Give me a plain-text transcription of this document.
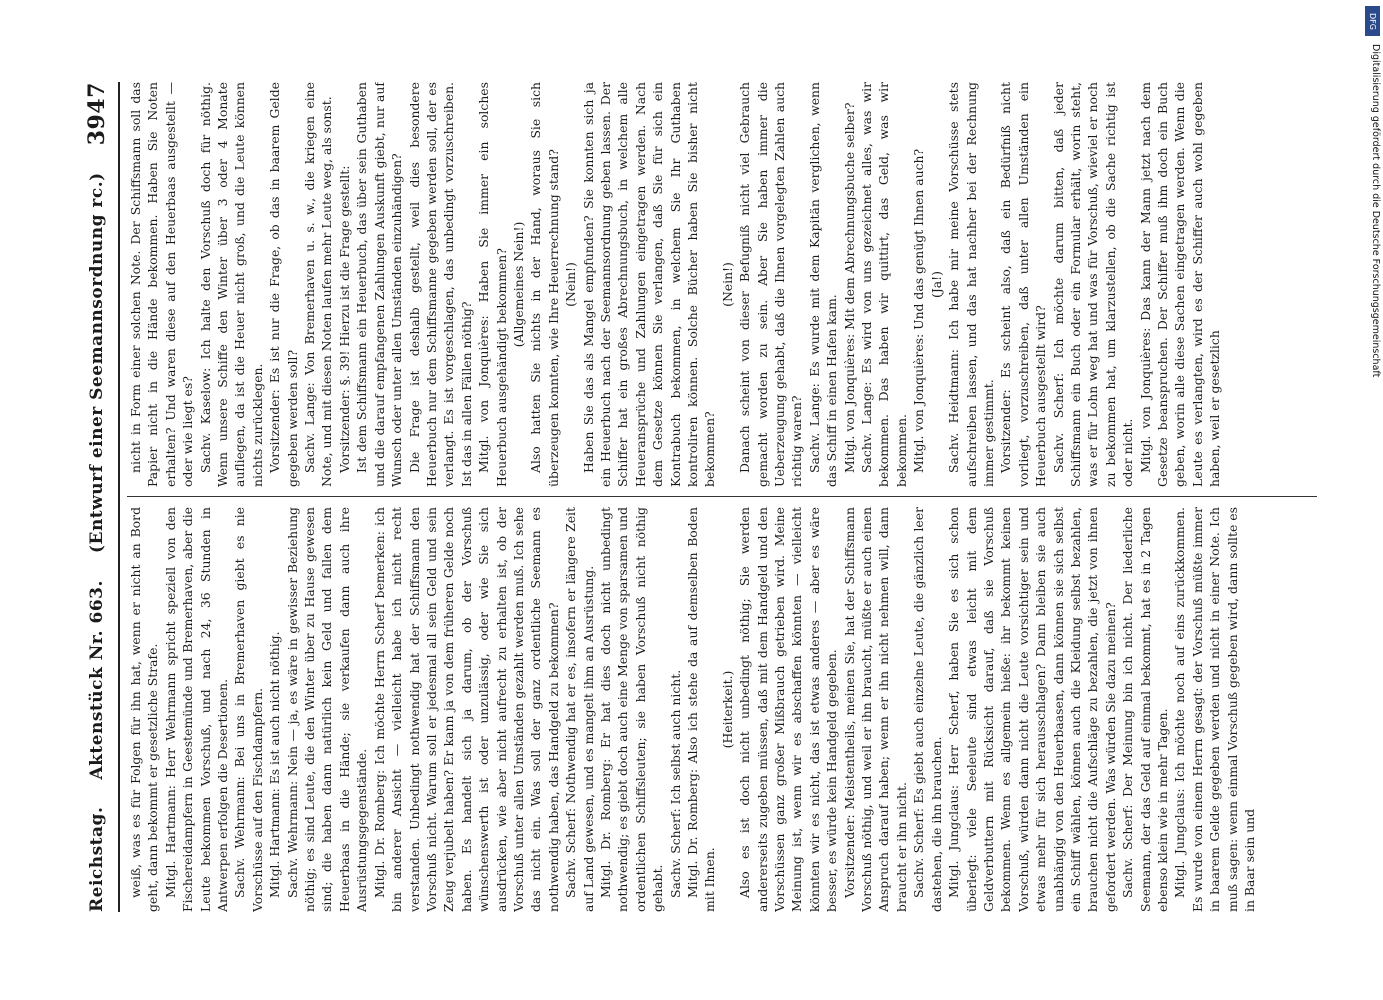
Reichstag.
Aktenstück Nr. 663.
(Entwurf einer Seemannsordnung rc.)
3947

weiß, was es für Folgen für ihn hat, wenn er nicht an Bord geht, dann bekommt er gesetzliche Strafe. Mitgl. Hartmann: Herr Wehrmann spricht speziell von den Fischereidampfern in Geestemünde und Bremerhaven, aber die Leute bekommen Vorschuß, und nach 24, 36 Stunden in Antwerpen erfolgen die Desertionen. Sachv. Wehrmann: Bei uns in Bremerhaven giebt es nie Vorschüsse auf den Fischdampfern. Mitgl. Hartmann: Es ist auch nicht nöthig. Sachv. Wehrmann: Nein — ja, es wäre in gewisser Beziehung nöthig; es sind Leute, die den Winter über zu Hause gewesen sind; die haben dann natürlich kein Geld und fallen dem Heuerbaas in die Hände; sie verkaufen dann auch ihre Ausrüstungsgegenstände. Mitgl. Dr. Romberg: Ich möchte Herrn Scherf bemerken: ich bin anderer Ansicht — vielleicht habe ich nicht recht verstanden. Unbedingt nothwendig hat der Schiffsmann den Vorschuß nicht. Warum soll er jedesmal all sein Geld und sein Zeug verjubelt haben? Er kann ja von dem früheren Gelde noch haben. Es handelt sich ja darum, ob der Vorschuß wünschenswerth ist oder unzulässig, oder wie Sie sich ausdrücken, wie aber nicht aufrecht zu erhalten ist, ob der Vorschuß unter allen Umständen gezahlt werden muß. Ich sehe das nicht ein. Was soll der ganz ordentliche Seemann es nothwendig haben, das Handgeld zu bekommen? Sachv. Scherf: Nothwendig hat er es, insofern er längere Zeit auf Land gewesen, und es mangelt ihm an Ausrüstung. Mitgl. Dr. Romberg: Er hat dies doch nicht unbedingt nothwendig; es giebt doch auch eine Menge von sparsamen und ordentlichen Schiffsleuten; sie haben Vorschuß nicht nöthig gehabt. Sachv. Scherf: Ich selbst auch nicht. Mitgl. Dr. Romberg: Also ich stehe da auf demselben Boden mit Ihnen.

(Heiterkeit.) Also es ist doch nicht unbedingt nöthig; Sie werden andererseits zugeben müssen, daß mit dem Handgeld und den Vorschüssen ganz großer Mißbrauch getrieben wird. Meine Meinung ist, wenn wir es abschaffen könnten — vielleicht könnten wir es nicht, das ist etwas anderes — aber es wäre besser, es würde kein Handgeld gegeben. Vorsitzender: Meistentheils, meinen Sie, hat der Schiffsmann Vorschuß nöthig, und weil er ihn braucht, müßte er auch einen Anspruch darauf haben; wenn er ihn nicht nehmen will, dann braucht er ihn nicht. Sachv. Scherf: Es giebt auch einzelne Leute, die gänzlich leer dastehen, die ihn brauchen. Mitgl. Jungclaus: Herr Scherf, haben Sie es sich schon überlegt: viele Seeleute sind etwas leicht mit dem Geldverbuttern mit Rücksicht darauf, daß sie Vorschuß bekommen. Wenn es allgemein hieße: ihr bekommt keinen Vorschuß, würden dann nicht die Leute vorsichtiger sein und etwas mehr für sich herausschlagen? Dann bleiben sie auch unabhängig von den Heuerbaasen, dann können sie sich selbst ein Schiff wählen, können auch die Kleidung selbst bezahlen, brauchen nicht die Aufschläge zu bezahlen, die jetzt von ihnen gefordert werden. Was würden Sie dazu meinen? Sachv. Scherf: Der Meinung bin ich nicht. Der liederliche Seemann, der das Geld auf einmal bekommt, hat es in 2 Tagen ebenso klein wie in mehr Tagen. Mitgl. Jungclaus: Ich möchte noch auf eins zurückkommen. Es wurde von einem Herrn gesagt: der Vorschuß müßte immer in baarem Gelde gegeben werden und nicht in einer Note. Ich muß sagen: wenn einmal Vorschuß gegeben wird, dann sollte es in Baar sein und

nicht in Form einer solchen Note. Der Schiffsmann soll das Papier nicht in die Hände bekommen. Haben Sie Noten erhalten? Und waren diese auf den Heuerbaas ausgestellt — oder wie liegt es? Sachv. Kaselow: Ich halte den Vorschuß doch für nöthig. Wenn unsere Schiffe den Winter über 3 oder 4 Monate aufliegen, da ist die Heuer nicht groß, und die Leute können nichts zurücklegen. Vorsitzender: Es ist nur die Frage, ob das in baarem Gelde gegeben werden soll? Sachv. Lange: Von Bremerhaven u. s. w., die kriegen eine Note, und mit diesen Noten laufen mehr Leute weg, als sonst. Vorsitzender: §. 39! Hierzu ist die Frage gestellt: Ist dem Schiffsmann ein Heuerbuch, das über sein Guthaben und die darauf empfangenen Zahlungen Auskunft giebt, nur auf Wunsch oder unter allen Umständen einzuhändigen? Die Frage ist deshalb gestellt, weil dies besondere Heuerbuch nur dem Schiffsmanne gegeben werden soll, der es verlangt. Es ist vorgeschlagen, das unbedingt vorzuschreiben. Ist das in allen Fällen nöthig? Mitgl. von Jonquières: Haben Sie immer ein solches Heuerbuch ausgehändigt bekommen? (Allgemeines Nein!) Also hatten Sie nichts in der Hand, woraus Sie sich überzeugen konnten, wie Ihre Heuerrechnung stand? (Nein!) Haben Sie das als Mangel empfunden? Sie konnten sich ja ein Heuerbuch nach der Seemannsordnung geben lassen. Der Schiffer hat ein großes Abrechnungsbuch, in welchem alle Heueransprüche und Zahlungen eingetragen werden. Nach dem Gesetze können Sie verlangen, daß Sie für sich ein Kontrabuch bekommen, in welchem Sie Ihr Guthaben kontroliren können. Solche Bücher haben Sie bisher nicht bekommen?

(Nein!) Danach scheint von dieser Befugniß nicht viel Gebrauch gemacht worden zu sein. Aber Sie haben immer die Ueberzeugung gehabt, daß die Ihnen vorgelegten Zahlen auch richtig waren? Sachv. Lange: Es wurde mit dem Kapitän verglichen, wenn das Schiff in einen Hafen kam. Mitgl. von Jonquières: Mit dem Abrechnungsbuche selber? Sachv. Lange: Es wird von uns gezeichnet alles, was wir bekommen. Das haben wir quittirt, das Geld, was wir bekommen. Mitgl. von Jonquières: Und das genügt Ihnen auch? (Ja!) Sachv. Heidtmann: Ich habe mir meine Vorschüsse stets aufschreiben lassen, und das hat nachher bei der Rechnung immer gestimmt. Vorsitzender: Es scheint also, daß ein Bedürfniß nicht vorliegt, vorzuschreiben, daß unter allen Umständen ein Heuerbuch ausgestellt wird? Sachv. Scherf: Ich möchte darum bitten, daß jeder Schiffsmann ein Buch oder ein Formular erhält, worin steht, was er für Lohn weg hat und was für Vorschuß, wieviel er noch zu bekommen hat, um klarzustellen, ob die Sache richtig ist oder nicht. Mitgl. von Jonquières: Das kann der Mann jetzt nach dem Gesetze beanspruchen. Der Schiffer muß ihm doch ein Buch geben, worin alle diese Sachen eingetragen werden. Wenn die Leute es verlangten, wird es der Schiffer auch wohl gegeben haben, weil er gesetzlich

DFG
Digitalisierung gefördert durch die Deutsche Forschungsgemeinschaft
